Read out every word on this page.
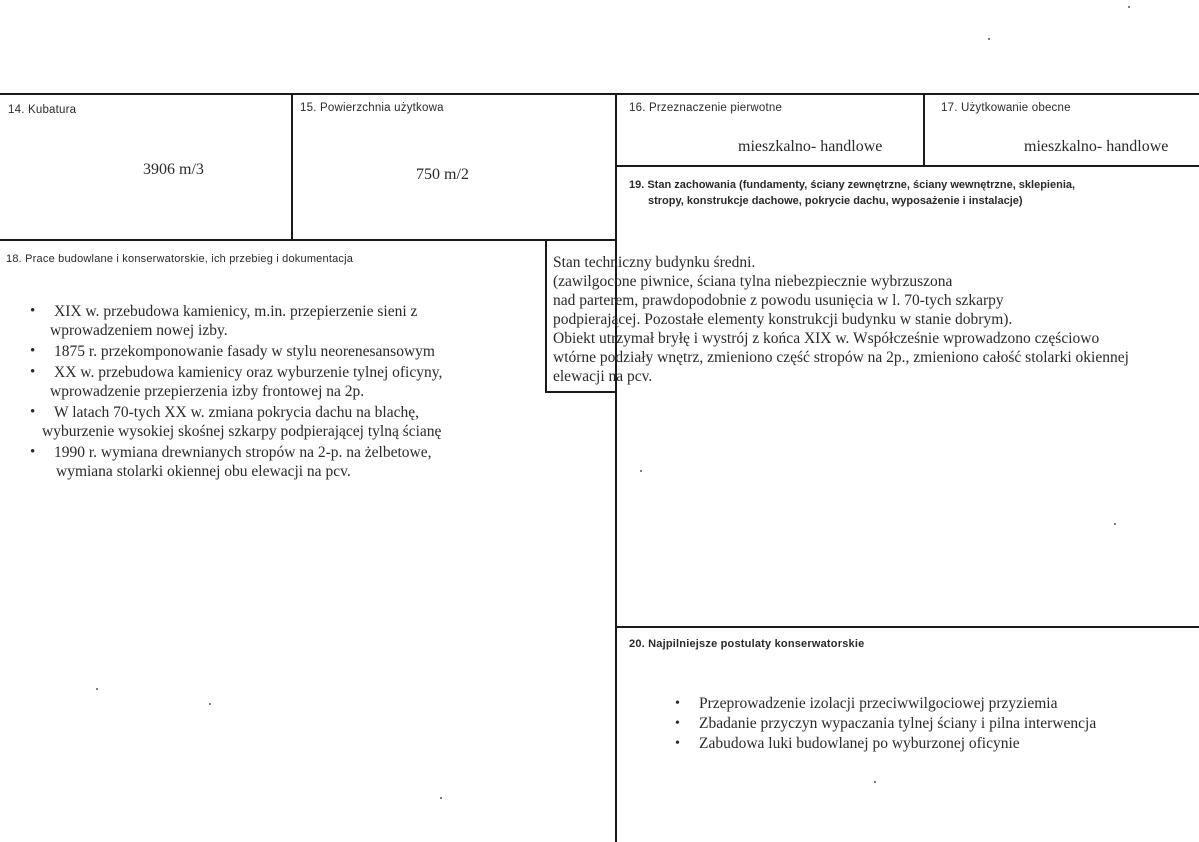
14. Kubatura
3906 m/3
15. Powierzchnia użytkowa
750 m/2
16. Przeznaczenie pierwotne
mieszkalno- handlowe
17. Użytkowanie obecne
mieszkalno- handlowe
19. Stan zachowania (fundamenty, ściany zewnętrzne, ściany wewnętrzne, sklepienia,
stropy, konstrukcje dachowe, pokrycie dachu, wyposażenie i instalacje)
18. Prace budowlane i konserwatorskie, ich przebieg i dokumentacja
• XIX w. przebudowa kamienicy, m.in. przepierzenie sieni z
wprowadzeniem nowej izby.
• 1875 r. przekomponowanie fasady w stylu neorenesansowym
• XX w. przebudowa kamienicy oraz wyburzenie tylnej oficyny,
wprowadzenie przepierzenia izby frontowej na 2p.
• W latach 70-tych XX w. zmiana pokrycia dachu na blachę,
wyburzenie wysokiej skośnej szkarpy podpierającej tylną ścianę
• 1990 r. wymiana drewnianych stropów na 2-p. na żelbetowe,
wymiana stolarki okiennej obu elewacji na pcv.
Stan techniczny budynku średni.
(zawilgocone piwnice, ściana tylna niebezpiecznie wybrzuszona
nad parterem, prawdopodobnie z powodu usunięcia w l. 70-tych szkarpy
podpierającej. Pozostałe elementy konstrukcji budynku w stanie dobrym).
Obiekt utrzymał bryłę i wystrój z końca XIX w. Współcześnie wprowadzono częściowo
wtórne podziały wnętrz, zmieniono część stropów na 2p., zmieniono całość stolarki okiennej
elewacji na pcv.
20. Najpilniejsze postulaty konserwatorskie
• Przeprowadzenie izolacji przeciwwilgociowej przyziemia
• Zbadanie przyczyn wypaczania tylnej ściany i pilna interwencja
• Zabudowa luki budowlanej po wyburzonej oficynie
